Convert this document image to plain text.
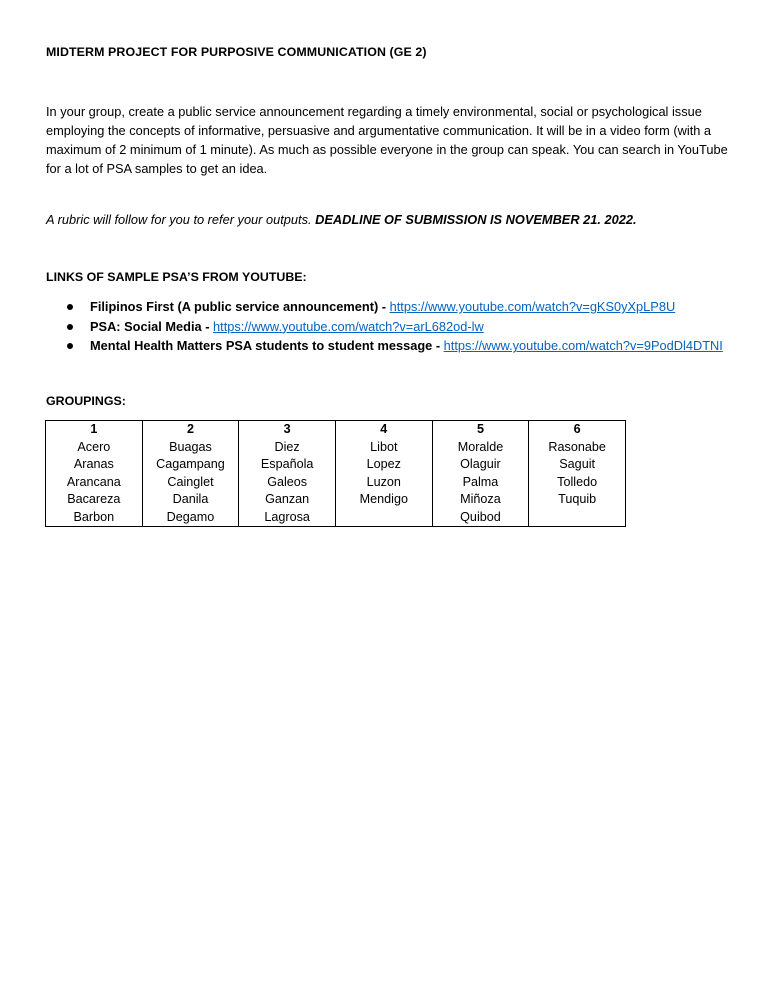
MIDTERM PROJECT FOR PURPOSIVE COMMUNICATION (GE 2)

In your group, create a public service announcement regarding a timely environmental, social or psychological issue employing the concepts of informative, persuasive and argumentative communication. It will be in a video form (with a maximum of 2 minimum of 1 minute). As much as possible everyone in the group can speak. You can search in YouTube for a lot of PSA samples to get an idea.

A rubric will follow for you to refer your outputs. DEADLINE OF SUBMISSION IS NOVEMBER 21. 2022.

LINKS OF SAMPLE PSA’S FROM YOUTUBE:
Filipinos First (A public service announcement) - https://www.youtube.com/watch?v=gKS0yXpLP8U
PSA: Social Media - https://www.youtube.com/watch?v=arL682od-lw
Mental Health Matters PSA students to student message - https://www.youtube.com/watch?v=9PodDl4DTNI
GROUPINGS:
1	2	3	4	5	6
Acero	Buagas	Diez	Libot	Moralde	Rasonabe
Aranas	Cagampang	Española	Lopez	Olaguir	Saguit
Arancana	Cainglet	Galeos	Luzon	Palma	Tolledo
Bacareza	Danila	Ganzan	Mendigo	Miñoza	Tuquib
Barbon	Degamo	Lagrosa		Quibod	
